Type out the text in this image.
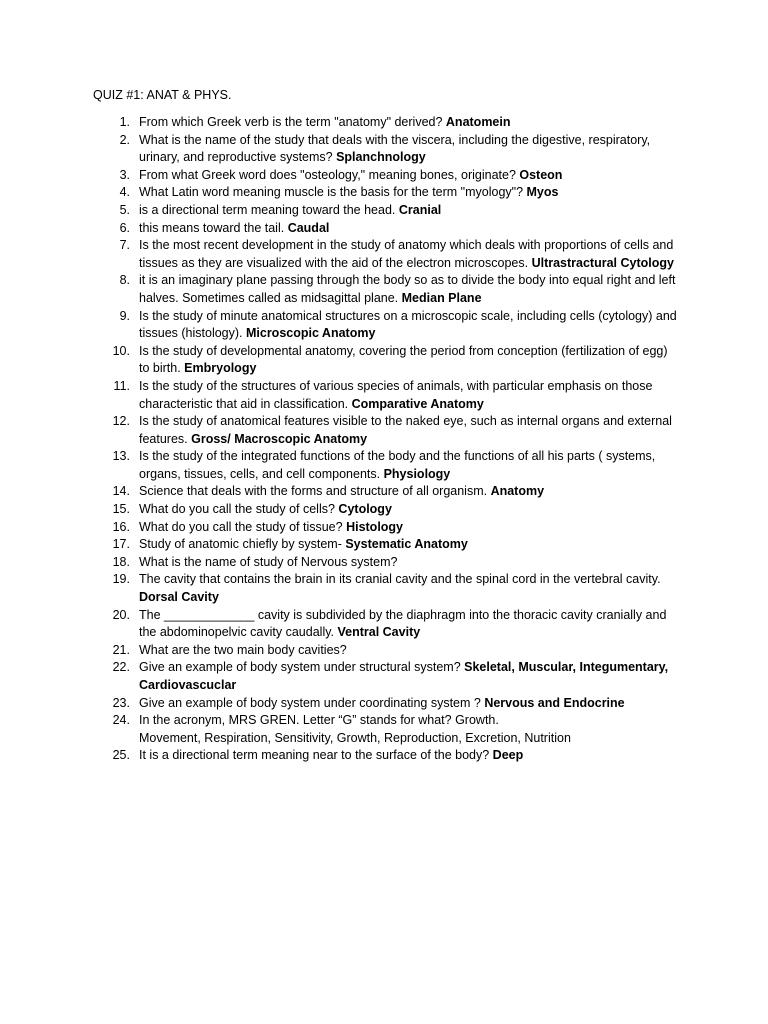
QUIZ #1: ANAT & PHYS.
1. From which Greek verb is the term "anatomy" derived? Anatomein
2. What is the name of the study that deals with the viscera, including the digestive, respiratory, urinary, and reproductive systems? Splanchnology
3. From what Greek word does "osteology," meaning bones, originate? Osteon
4. What Latin word meaning muscle is the basis for the term "myology"? Myos
5. is a directional term meaning toward the head. Cranial
6. this means toward the tail. Caudal
7. Is the most recent development in the study of anatomy which deals with proportions of cells and tissues as they are visualized with the aid of the electron microscopes. Ultrastractural Cytology
8. it is an imaginary plane passing through the body so as to divide the body into equal right and left halves. Sometimes called as midsagittal plane. Median Plane
9. Is the study of minute anatomical structures on a microscopic scale, including cells (cytology) and tissues (histology). Microscopic Anatomy
10. Is the study of developmental anatomy, covering the period from conception (fertilization of egg) to birth. Embryology
11. Is the study of the structures of various species of animals, with particular emphasis on those characteristic that aid in classification. Comparative Anatomy
12. Is the study of anatomical features visible to the naked eye, such as internal organs and external features. Gross/ Macroscopic Anatomy
13. Is the study of the integrated functions of the body and the functions of all his parts ( systems, organs, tissues, cells, and cell components. Physiology
14. Science that deals with the forms and structure of all organism. Anatomy
15. What do you call the study of cells? Cytology
16. What do you call the study of tissue? Histology
17. Study of anatomic chiefly by system- Systematic Anatomy
18. What is the name of study of Nervous system?
19. The cavity that contains the brain in its cranial cavity and the spinal cord in the vertebral cavity. Dorsal Cavity
20. The _____________ cavity is subdivided by the diaphragm into the thoracic cavity cranially and the abdominopelvic cavity caudally. Ventral Cavity
21. What are the two main body cavities?
22. Give an example of body system under structural system? Skeletal, Muscular, Integumentary, Cardiovascuclar
23. Give an example of body system under coordinating system ? Nervous and Endocrine
24. In the acronym, MRS GREN. Letter “G” stands for what? Growth.
Movement, Respiration, Sensitivity, Growth, Reproduction, Excretion, Nutrition
25. It is a directional term meaning near to the surface of the body? Deep
